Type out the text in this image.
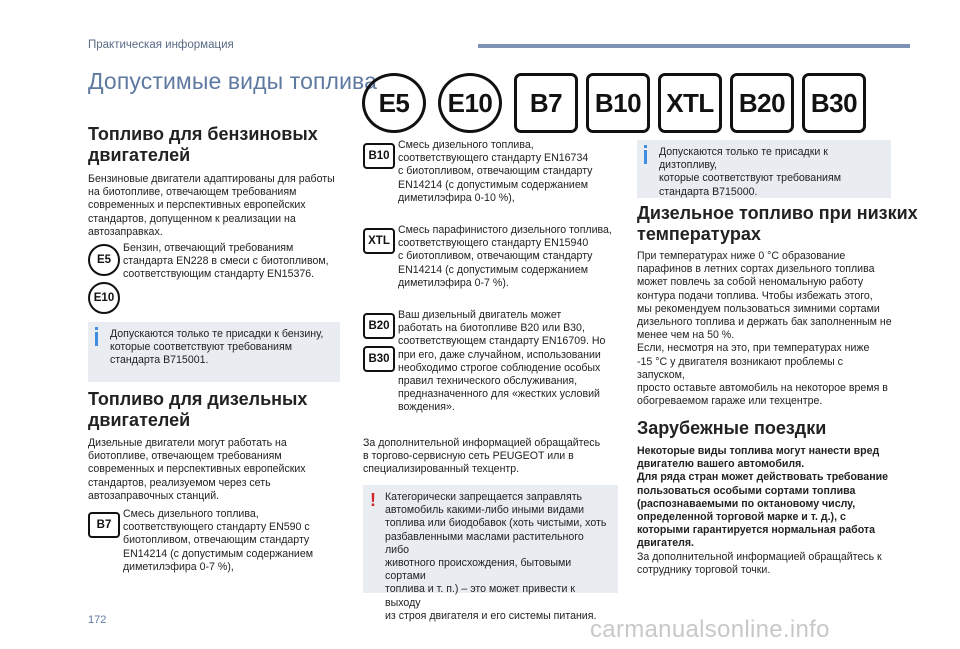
Практическая информация
Допустимые виды топлива
E5	E10	B7	B10 XTL B20 B30
Топливо для бензиновых
двигателей
Бензиновые двигатели адаптированы для работы
на биотопливе, отвечающем требованиям
современных и перспективных европейских
стандартов, допущенном к реализации на
автозаправках.
E5
E10
Бензин, отвечающий требованиям
стандарта EN228 в смеси с биотопливом,
соответствующим стандарту EN15376.
Допускаются только те присадки к бензину,
которые соответствуют требованиям
стандарта B715001.
Топливо для дизельных
двигателей
Дизельные двигатели могут работать на
биотопливе, отвечающем требованиям
современных и перспективных европейских
стандартов, реализуемом через сеть
автозаправочных станций.
B7
Смесь дизельного топлива,
соответствующего стандарту EN590 с
биотопливом, отвечающим стандарту
EN14214 (с допустимым содержанием
диметилэфира 0-7 %),
B10
Смесь дизельного топлива,
соответствующего стандарту EN16734
с биотопливом, отвечающим стандарту
EN14214 (с допустимым содержанием
диметилэфира 0-10 %),
XTL
Смесь парафинистого дизельного топлива,
соответствующего стандарту EN15940
с биотопливом, отвечающим стандарту
EN14214 (с допустимым содержанием
диметилэфира 0-7 %).
B20
B30
Ваш дизельный двигатель может
работать на биотопливе B20 или B30,
соответствующем стандарту EN16709. Но
при его, даже случайном, использовании
необходимо строгое соблюдение особых
правил технического обслуживания,
предназначенного для «жестких условий
вождения».
За дополнительной информацией обращайтесь
в торгово-сервисную сеть PEUGEOT или в
специализированный техцентр.
! Категорически запрещается заправлять
автомобиль какими-либо иными видами
топлива или биодобавок (хоть чистыми, хоть
разбавленными маслами растительного либо
животного происхождения, бытовыми сортами
топлива и т. п.) – это может привести к выходу
из строя двигателя и его системы питания.
Допускаются только те присадки к дизтопливу,
которые соответствуют требованиям
стандарта B715000.
Дизельное топливо при низких
температурах
При температурах ниже 0 °C образование
парафинов в летних сортах дизельного топлива
может повлечь за собой неномальную работу
контура подачи топлива. Чтобы избежать этого,
мы рекомендуем пользоваться зимними сортами
дизельного топлива и держать бак заполненным не
менее чем на 50 %.
Если, несмотря на это, при температурах ниже
-15 °C у двигателя возникают проблемы с запуском,
просто оставьте автомобиль на некоторое время в
обогреваемом гараже или техцентре.
Зарубежные поездки
Некоторые виды топлива могут нанести вред
двигателю вашего автомобиля.
Для ряда стран может действовать требование
пользоваться особыми сортами топлива
(распознаваемыми по октановому числу,
определенной торговой марке и т. д.), с
которыми гарантируется нормальная работа
двигателя.
За дополнительной информацией обращайтесь к
сотруднику торговой точки.
172	carmanualsonline.info
